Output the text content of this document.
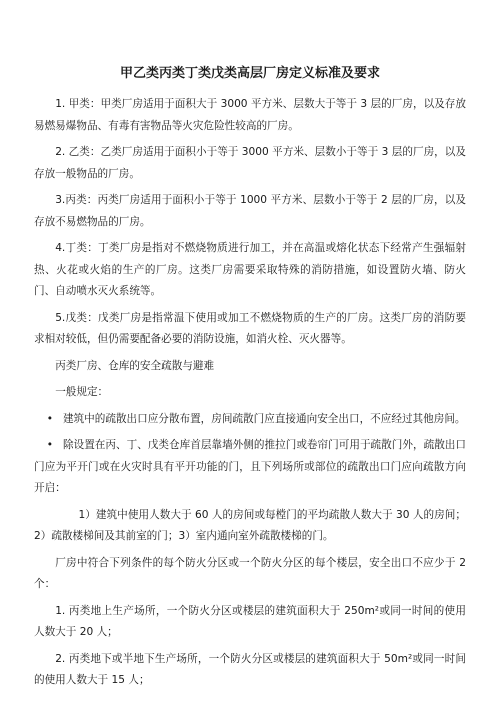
甲乙类丙类丁类戊类高层厂房定义标准及要求

1. 甲类：甲类厂房适用于面积大于 3000 平方米、层数大于等于 3 层的厂房，以及存放易燃易爆物品、有毒有害物品等火灾危险性较高的厂房。

2. 乙类：乙类厂房适用于面积小于等于 3000 平方米、层数小于等于 3 层的厂房，以及存放一般物品的厂房。

3.丙类：丙类厂房适用于面积小于等于 1000 平方米、层数小于等于 2 层的厂房，以及存放不易燃物品的厂房。

4.丁类：丁类厂房是指对不燃烧物质进行加工，并在高温或熔化状态下经常产生强辐射热、火花或火焰的生产的厂房。这类厂房需要采取特殊的消防措施，如设置防火墙、防火门、自动喷水灭火系统等。

5.戊类：戊类厂房是指常温下使用或加工不燃烧物质的生产的厂房。这类厂房的消防要求相对较低，但仍需要配备必要的消防设施，如消火栓、灭火器等。

丙类厂房、仓库的安全疏散与避难

一般规定：

• 建筑中的疏散出口应分散布置，房间疏散门应直接通向安全出口，不应经过其他房间。

• 除设置在丙、丁、戊类仓库首层靠墙外侧的推拉门或卷帘门可用于疏散门外，疏散出口门应为平开门或在火灾时具有平开功能的门，且下列场所或部位的疏散出口门应向疏散方向开启：

1）建筑中使用人数大于 60 人的房间或每樘门的平均疏散人数大于 30 人的房间；2）疏散楼梯间及其前室的门；3）室内通向室外疏散楼梯的门。

厂房中符合下列条件的每个防火分区或一个防火分区的每个楼层，安全出口不应少于 2 个：

1. 丙类地上生产场所，一个防火分区或楼层的建筑面积大于 250m²或同一时间的使用人数大于 20 人；

2. 丙类地下或半地下生产场所，一个防火分区或楼层的建筑面积大于 50m²或同一时间的使用人数大于 15 人；
